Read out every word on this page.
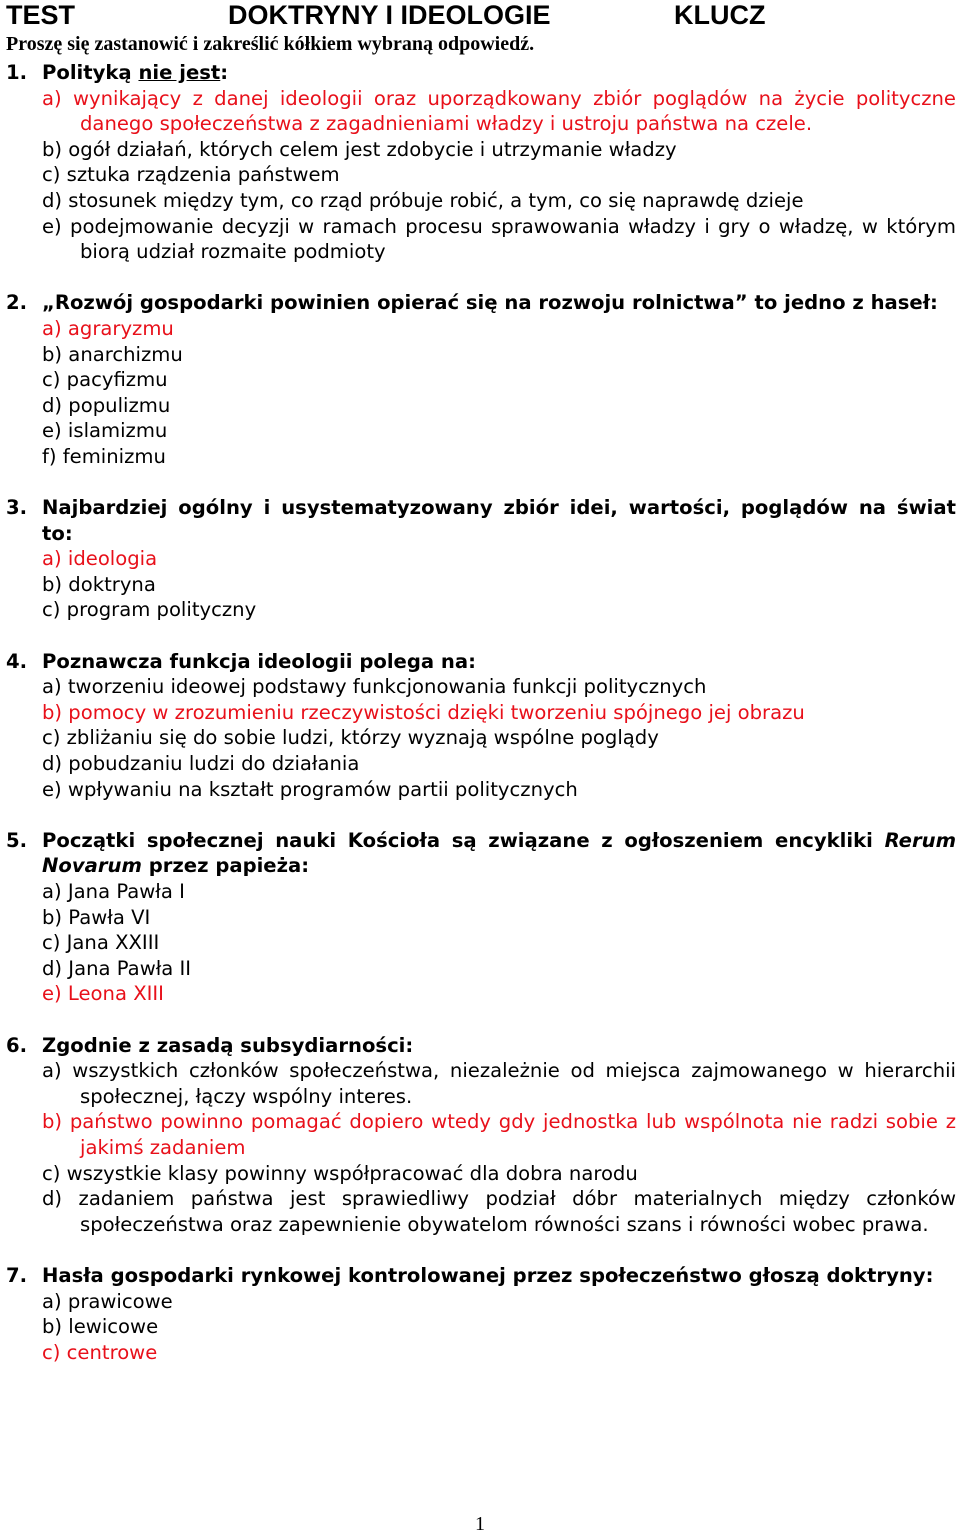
TEST	DOKTRYNY I IDEOLOGIE	KLUCZ
Proszę się zastanowić i zakreślić kółkiem wybraną odpowiedź.
1. Polityką nie jest:
a) wynikający z danej ideologii oraz uporządkowany zbiór poglądów na życie polityczne danego społeczeństwa z zagadnieniami władzy i ustroju państwa na czele.
b) ogół działań, których celem jest zdobycie i utrzymanie władzy
c) sztuka rządzenia państwem
d) stosunek między tym, co rząd próbuje robić, a tym, co się naprawdę dzieje
e) podejmowanie decyzji w ramach procesu sprawowania władzy i gry o władzę, w którym biorą udział rozmaite podmioty
2. „Rozwój gospodarki powinien opierać się na rozwoju rolnictwa” to jedno z haseł:
a) agraryzmu
b) anarchizmu
c) pacyfizmu
d) populizmu
e) islamizmu
f) feminizmu
3. Najbardziej ogólny i usystematyzowany zbiór idei, wartości, poglądów na świat to:
a) ideologia
b) doktryna
c) program polityczny
4. Poznawcza funkcja ideologii polega na:
a) tworzeniu ideowej podstawy funkcjonowania funkcji politycznych
b) pomocy w zrozumieniu rzeczywistości dzięki tworzeniu spójnego jej obrazu
c) zbliżaniu się do sobie ludzi, którzy wyznają wspólne poglądy
d) pobudzaniu ludzi do działania
e) wpływaniu na kształt programów partii politycznych
5. Początki społecznej nauki Kościoła są związane z ogłoszeniem encykliki Rerum Novarum przez papieża:
a) Jana Pawła I
b) Pawła VI
c) Jana XXIII
d) Jana Pawła II
e) Leona XIII
6. Zgodnie z zasadą subsydiarności:
a) wszystkich członków społeczeństwa, niezależnie od miejsca zajmowanego w hierarchii społecznej, łączy wspólny interes.
b) państwo powinno pomagać dopiero wtedy gdy jednostka lub wspólnota nie radzi sobie z jakimś zadaniem
c) wszystkie klasy powinny współpracować dla dobra narodu
d) zadaniem państwa jest sprawiedliwy podział dóbr materialnych między członków społeczeństwa oraz zapewnienie obywatelom równości szans i równości wobec prawa.
7. Hasła gospodarki rynkowej kontrolowanej przez społeczeństwo głoszą doktryny:
a) prawicowe
b) lewicowe
c) centrowe
1
